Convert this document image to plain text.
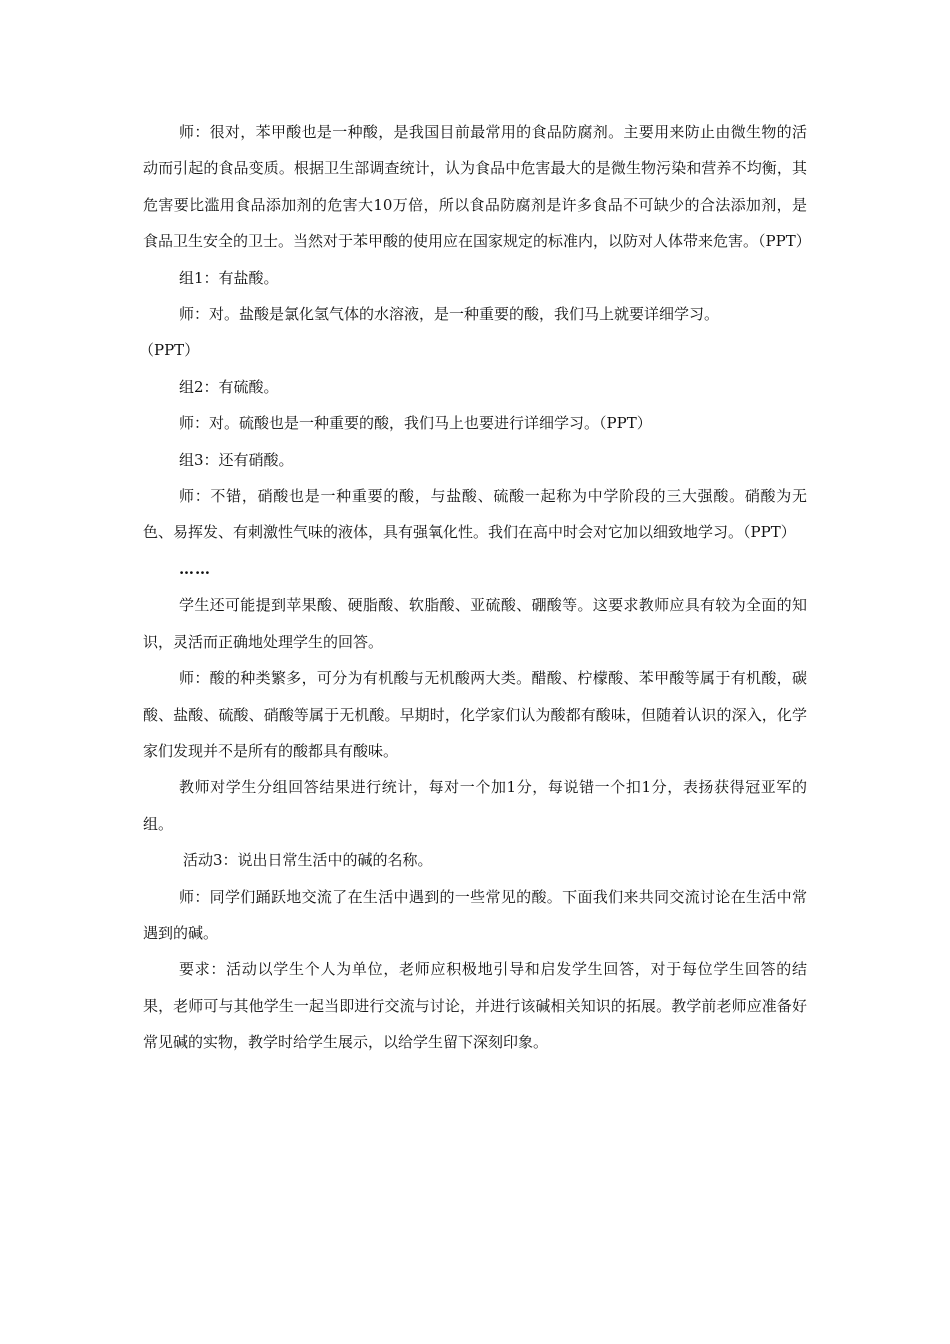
师：很对，苯甲酸也是一种酸，是我国目前最常用的食品防腐剂。主要用来防止由微生物的活动而引起的食品变质。根据卫生部调查统计，认为食品中危害最大的是微生物污染和营养不均衡，其危害要比滥用食品添加剂的危害大10万倍，所以食品防腐剂是许多食品不可缺少的合法添加剂，是食品卫生安全的卫士。当然对于苯甲酸的使用应在国家规定的标准内，以防对人体带来危害。（PPT）

组1：有盐酸。

师：对。盐酸是氯化氢气体的水溶液，是一种重要的酸，我们马上就要详细学习。

（PPT）

组2：有硫酸。

师：对。硫酸也是一种重要的酸，我们马上也要进行详细学习。（PPT）

组3：还有硝酸。

师：不错，硝酸也是一种重要的酸，与盐酸、硫酸一起称为中学阶段的三大强酸。硝酸为无色、易挥发、有刺激性气味的液体，具有强氧化性。我们在高中时会对它加以细致地学习。（PPT）

……

学生还可能提到苹果酸、硬脂酸、软脂酸、亚硫酸、硼酸等。这要求教师应具有较为全面的知识，灵活而正确地处理学生的回答。

师：酸的种类繁多，可分为有机酸与无机酸两大类。醋酸、柠檬酸、苯甲酸等属于有机酸，碳酸、盐酸、硫酸、硝酸等属于无机酸。早期时，化学家们认为酸都有酸味，但随着认识的深入，化学家们发现并不是所有的酸都具有酸味。

教师对学生分组回答结果进行统计，每对一个加1分，每说错一个扣1分，表扬获得冠亚军的组。

活动3：说出日常生活中的碱的名称。

师：同学们踊跃地交流了在生活中遇到的一些常见的酸。下面我们来共同交流讨论在生活中常遇到的碱。

要求：活动以学生个人为单位，老师应积极地引导和启发学生回答，对于每位学生回答的结果，老师可与其他学生一起当即进行交流与讨论，并进行该碱相关知识的拓展。教学前老师应准备好常见碱的实物，教学时给学生展示，以给学生留下深刻印象。
